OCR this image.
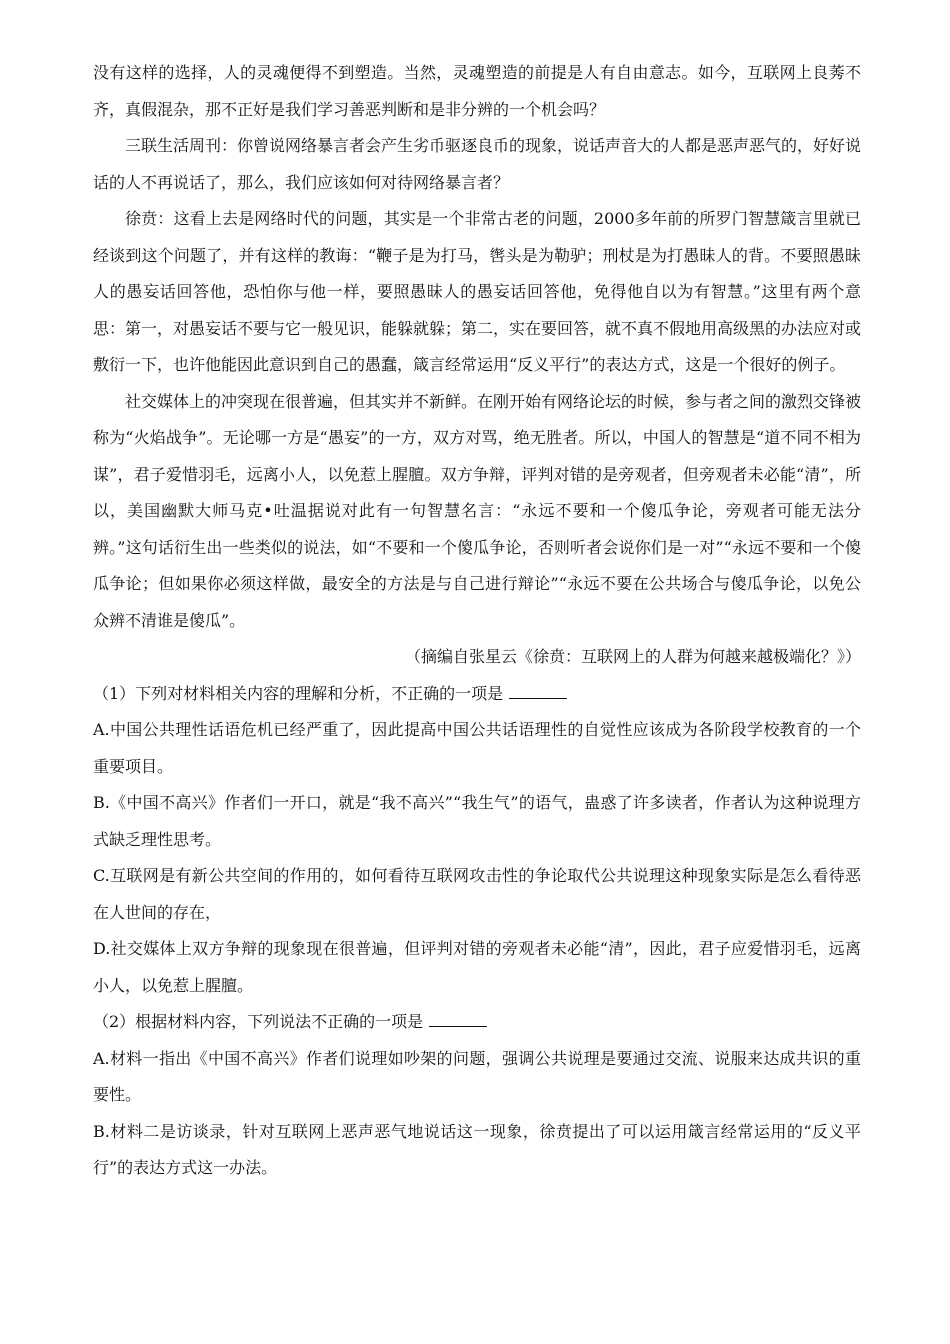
没有这样的选择，人的灵魂便得不到塑造。当然，灵魂塑造的前提是人有自由意志。如今，互联网上良莠不齐，真假混杂，那不正好是我们学习善恶判断和是非分辨的一个机会吗？

三联生活周刊：你曾说网络暴言者会产生劣币驱逐良币的现象，说话声音大的人都是恶声恶气的，好好说话的人不再说话了，那么，我们应该如何对待网络暴言者？

徐贲：这看上去是网络时代的问题，其实是一个非常古老的问题，2000多年前的所罗门智慧箴言里就已经谈到这个问题了，并有这样的教诲：“鞭子是为打马，辔头是为勒驴；刑杖是为打愚昧人的背。不要照愚昧人的愚妄话回答他，恐怕你与他一样，要照愚昧人的愚妄话回答他，免得他自以为有智慧。”这里有两个意思：第一，对愚妄话不要与它一般见识，能躲就躲；第二，实在要回答，就不真不假地用高级黑的办法应对或敷衍一下，也许他能因此意识到自己的愚蠢，箴言经常运用“反义平行”的表达方式，这是一个很好的例子。

社交媒体上的冲突现在很普遍，但其实并不新鲜。在刚开始有网络论坛的时候，参与者之间的激烈交锋被称为“火焰战争”。无论哪一方是“愚妄”的一方，双方对骂，绝无胜者。所以，中国人的智慧是“道不同不相为谋”，君子爱惜羽毛，远离小人，以免惹上腥膻。双方争辩，评判对错的是旁观者，但旁观者未必能“清”，所以，美国幽默大师马克•吐温据说对此有一句智慧名言：“永远不要和一个傻瓜争论，旁观者可能无法分辨。”这句话衍生出一些类似的说法，如“不要和一个傻瓜争论，否则听者会说你们是一对”“永远不要和一个傻瓜争论；但如果你必须这样做，最安全的方法是与自己进行辩论”“永远不要在公共场合与傻瓜争论，以免公众辨不清谁是傻瓜”。

（摘编自张星云《徐贲：互联网上的人群为何越来越极端化？》）

（1）下列对材料相关内容的理解和分析，不正确的一项是

A.中国公共理性话语危机已经严重了，因此提高中国公共话语理性的自觉性应该成为各阶段学校教育的一个重要项目。

B.《中国不高兴》作者们一开口，就是“我不高兴”“我生气”的语气，蛊惑了许多读者，作者认为这种说理方式缺乏理性思考。

C.互联网是有新公共空间的作用的，如何看待互联网攻击性的争论取代公共说理这种现象实际是怎么看待恶在人世间的存在，

D.社交媒体上双方争辩的现象现在很普遍，但评判对错的旁观者未必能“清”，因此，君子应爱惜羽毛，远离小人，以免惹上腥膻。

（2）根据材料内容，下列说法不正确的一项是

A.材料一指出《中国不高兴》作者们说理如吵架的问题，强调公共说理是要通过交流、说服来达成共识的重要性。

B.材料二是访谈录，针对互联网上恶声恶气地说话这一现象，徐贲提出了可以运用箴言经常运用的“反义平行”的表达方式这一办法。
